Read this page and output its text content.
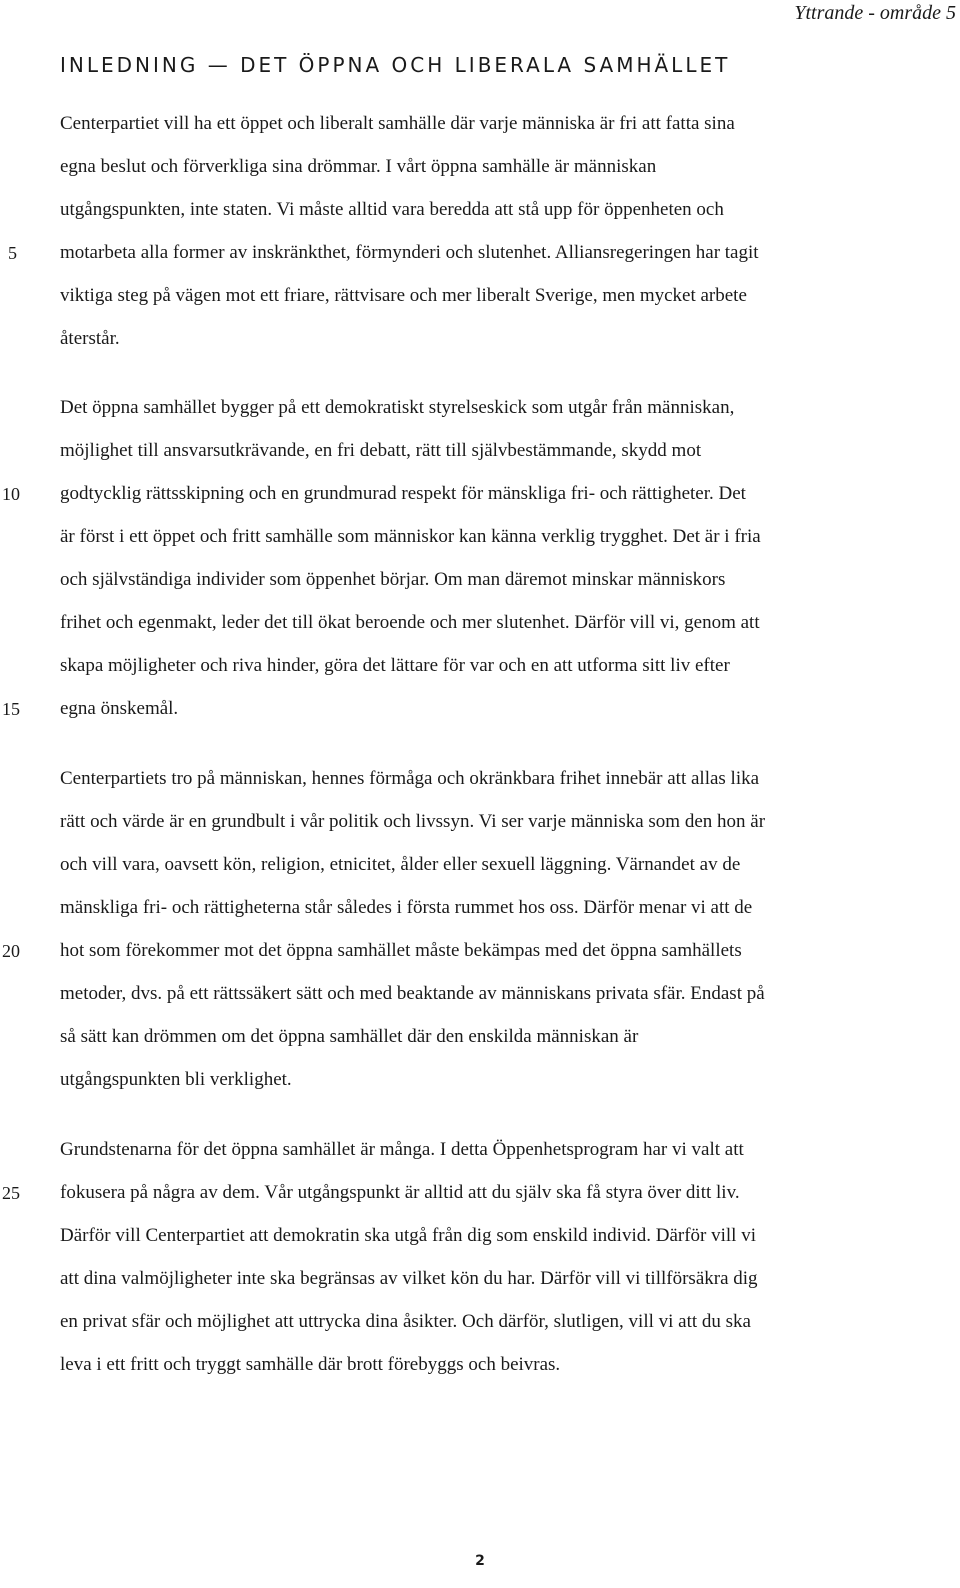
Yttrande - område 5
INLEDNING — DET ÖPPNA OCH LIBERALA SAMHÄLLET
Centerpartiet vill ha ett öppet och liberalt samhälle där varje människa är fri att fatta sina
egna beslut och förverkliga sina drömmar. I vårt öppna samhälle är människan
utgångspunkten, inte staten. Vi måste alltid vara beredda att stå upp för öppenheten och
motarbeta alla former av inskränkthet, förmynderi och slutenhet. Alliansregeringen har tagit
viktiga steg på vägen mot ett friare, rättvisare och mer liberalt Sverige, men mycket arbete
återstår.
Det öppna samhället bygger på ett demokratiskt styrelseskick som utgår från människan,
möjlighet till ansvarsutkrävande, en fri debatt, rätt till självbestämmande, skydd mot
godtycklig rättsskipning och en grundmurad respekt för mänskliga fri- och rättigheter. Det
är först i ett öppet och fritt samhälle som människor kan känna verklig trygghet. Det är i fria
och självständiga individer som öppenhet börjar. Om man däremot minskar människors
frihet och egenmakt, leder det till ökat beroende och mer slutenhet. Därför vill vi, genom att
skapa möjligheter och riva hinder, göra det lättare för var och en att utforma sitt liv efter
egna önskemål.
Centerpartiets tro på människan, hennes förmåga och okränkbara frihet innebär att allas lika
rätt och värde är en grundbult i vår politik och livssyn. Vi ser varje människa som den hon är
och vill vara, oavsett kön, religion, etnicitet, ålder eller sexuell läggning. Värnandet av de
mänskliga fri- och rättigheterna står således i första rummet hos oss. Därför menar vi att de
hot som förekommer mot det öppna samhället måste bekämpas med det öppna samhällets
metoder, dvs. på ett rättssäkert sätt och med beaktande av människans privata sfär. Endast på
så sätt kan drömmen om det öppna samhället där den enskilda människan är
utgångspunkten bli verklighet.
Grundstenarna för det öppna samhället är många. I detta Öppenhetsprogram har vi valt att
fokusera på några av dem. Vår utgångspunkt är alltid att du själv ska få styra över ditt liv.
Därför vill Centerpartiet att demokratin ska utgå från dig som enskild individ. Därför vill vi
att dina valmöjligheter inte ska begränsas av vilket kön du har. Därför vill vi tillförsäkra dig
en privat sfär och möjlighet att uttrycka dina åsikter. Och därför, slutligen, vill vi att du ska
leva i ett fritt och tryggt samhälle där brott förebyggs och beivras.
5
10
15
20
25
2
